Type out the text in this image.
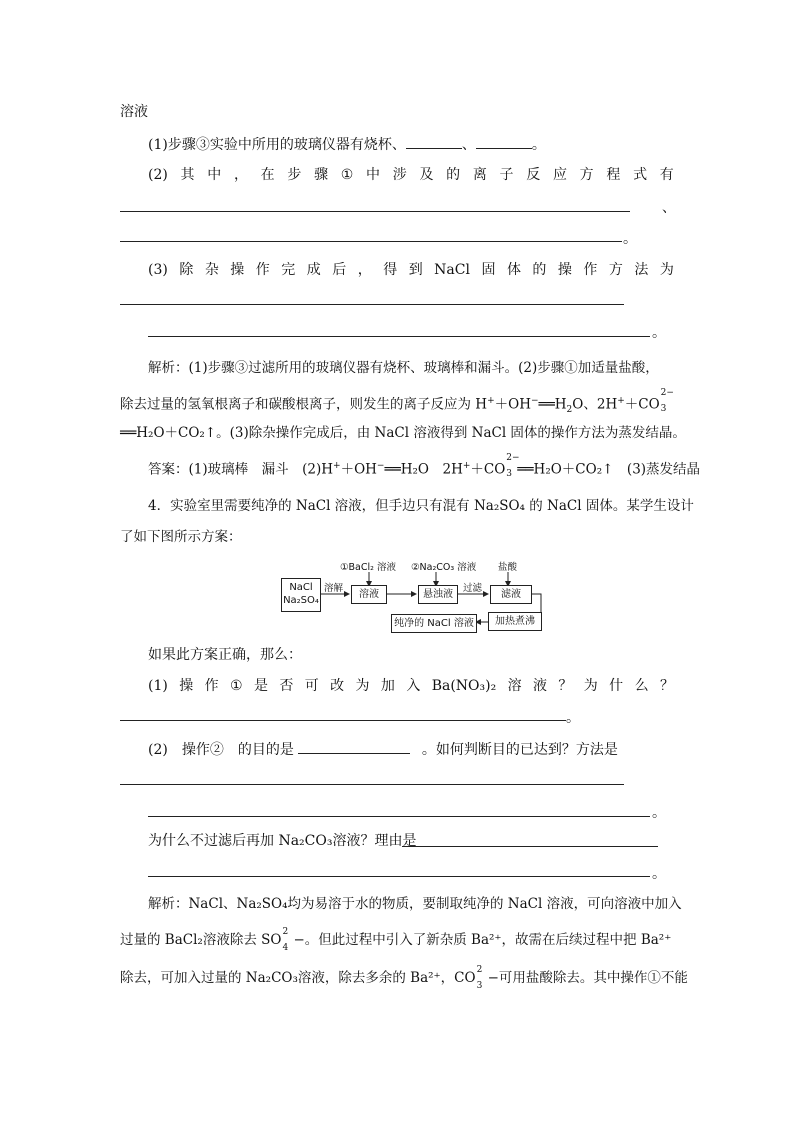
溶液
(1)步骤③实验中所用的玻璃仪器有烧杯、	、	。
(2) 其 中 ， 在 步 骤 ① 中 涉 及 的 离 子 反 应 方 程 式 有
、
。
(3) 除 杂 操 作 完 成 后 ， 得 到 NaCl 固 体 的 操 作 方 法 为
。
解析：(1)步骤③过滤所用的玻璃仪器有烧杯、玻璃棒和漏斗。(2)步骤①加适量盐酸，
除去过量的氢氧根离子和碳酸根离子，则发生的离子反应为 $H^++OH^-══H_2O$、2H+＋CO
2−
3
══H₂O＋CO₂↑。(3)除杂操作完成后，由 NaCl 溶液得到 NaCl 固体的操作方法为蒸发结晶。
答案：(1)玻璃棒　漏斗　(2)H+＋OH−══H₂O　2H+＋CO
2−
3 ══H₂O＋CO₂↑　(3)蒸发结晶
4．实验室里需要纯净的 NaCl 溶液，但手边只有混有 Na₂SO₄ 的 NaCl 固体。某学生设计
了如下图所示方案：
NaCl
Na₂SO₄
溶解
溶液	悬浊液
过滤
滤液
加热煮沸
纯净的 NaCl 溶液
①BaCl₂ 溶液 ②Na₂CO₃ 溶液 盐酸
如果此方案正确，那么：
(1) 操 作 ① 是 否 可 改 为 加 入 Ba(NO₃)₂ 溶 液 ？ 为 什 么 ？
。
(2)　操作②　的目的是	。如何判断目的已达到？方法是
。
为什么不过滤后再加 Na₂CO₃溶液？理由是
。
解析：NaCl、Na₂SO₄均为易溶于水的物质，要制取纯净的 NaCl 溶液，可向溶液中加入
过量的 BaCl₂溶液除去 SO 2
4 −。但此过程中引入了新杂质 Ba²⁺，故需在后续过程中把 Ba²⁺
除去，可加入过量的 Na₂CO₃溶液，除去多余的 Ba²⁺，CO 2
3 −可用盐酸除去。其中操作①不能
